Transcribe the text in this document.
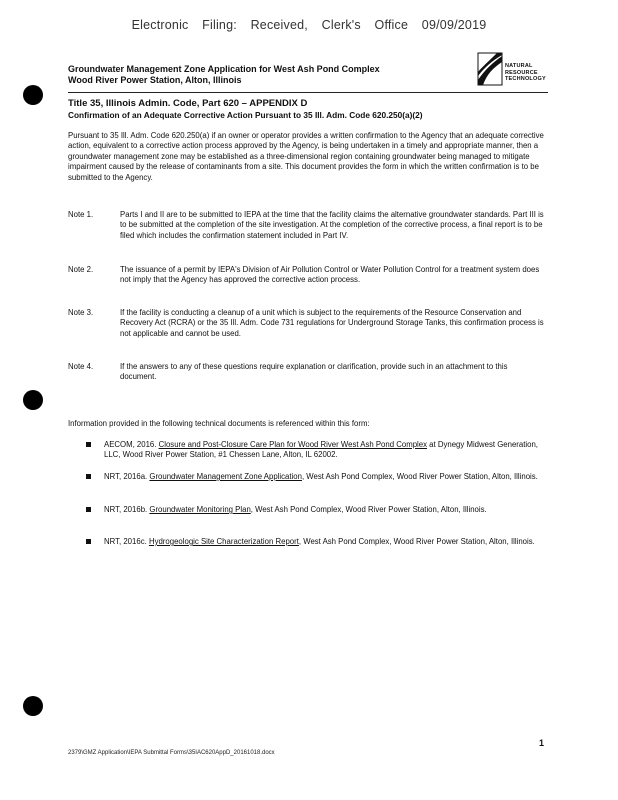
Electronic Filing: Received, Clerk's Office 09/09/2019
Groundwater Management Zone Application for West Ash Pond Complex
Wood River Power Station, Alton, Illinois
NATURAL
RESOURCE
TECHNOLOGY
Title 35, Illinois Admin. Code, Part 620 – APPENDIX D
Confirmation of an Adequate Corrective Action Pursuant to 35 Ill. Adm. Code 620.250(a)(2)
Pursuant to 35 Ill. Adm. Code 620.250(a) if an owner or operator provides a written confirmation to the Agency that an adequate corrective action, equivalent to a corrective action process approved by the Agency, is being undertaken in a timely and appropriate manner, then a groundwater management zone may be established as a three-dimensional region containing groundwater being managed to mitigate impairment caused by the release of contaminants from a site. This document provides the form in which the written confirmation is to be submitted to the Agency.
Note 1.	Parts I and II are to be submitted to IEPA at the time that the facility claims the alternative groundwater standards. Part III is to be submitted at the completion of the site investigation. At the completion of the corrective process, a final report is to be filed which includes the confirmation statement included in Part IV.
Note 2.	The issuance of a permit by IEPA's Division of Air Pollution Control or Water Pollution Control for a treatment system does not imply that the Agency has approved the corrective action process.
Note 3.	If the facility is conducting a cleanup of a unit which is subject to the requirements of the Resource Conservation and Recovery Act (RCRA) or the 35 Ill. Adm. Code 731 regulations for Underground Storage Tanks, this confirmation process is not applicable and cannot be used.
Note 4.	If the answers to any of these questions require explanation or clarification, provide such in an attachment to this document.
Information provided in the following technical documents is referenced within this form:
AECOM, 2016. Closure and Post-Closure Care Plan for Wood River West Ash Pond Complex at Dynegy Midwest Generation, LLC, Wood River Power Station, #1 Chessen Lane, Alton, IL 62002.
NRT, 2016a. Groundwater Management Zone Application, West Ash Pond Complex, Wood River Power Station, Alton, Illinois.
NRT, 2016b. Groundwater Monitoring Plan, West Ash Pond Complex, Wood River Power Station, Alton, Illinois.
NRT, 2016c. Hydrogeologic Site Characterization Report, West Ash Pond Complex, Wood River Power Station, Alton, Illinois.
1
2379\GMZ Application\IEPA Submittal Forms\35IAC620AppD_20161018.docx
